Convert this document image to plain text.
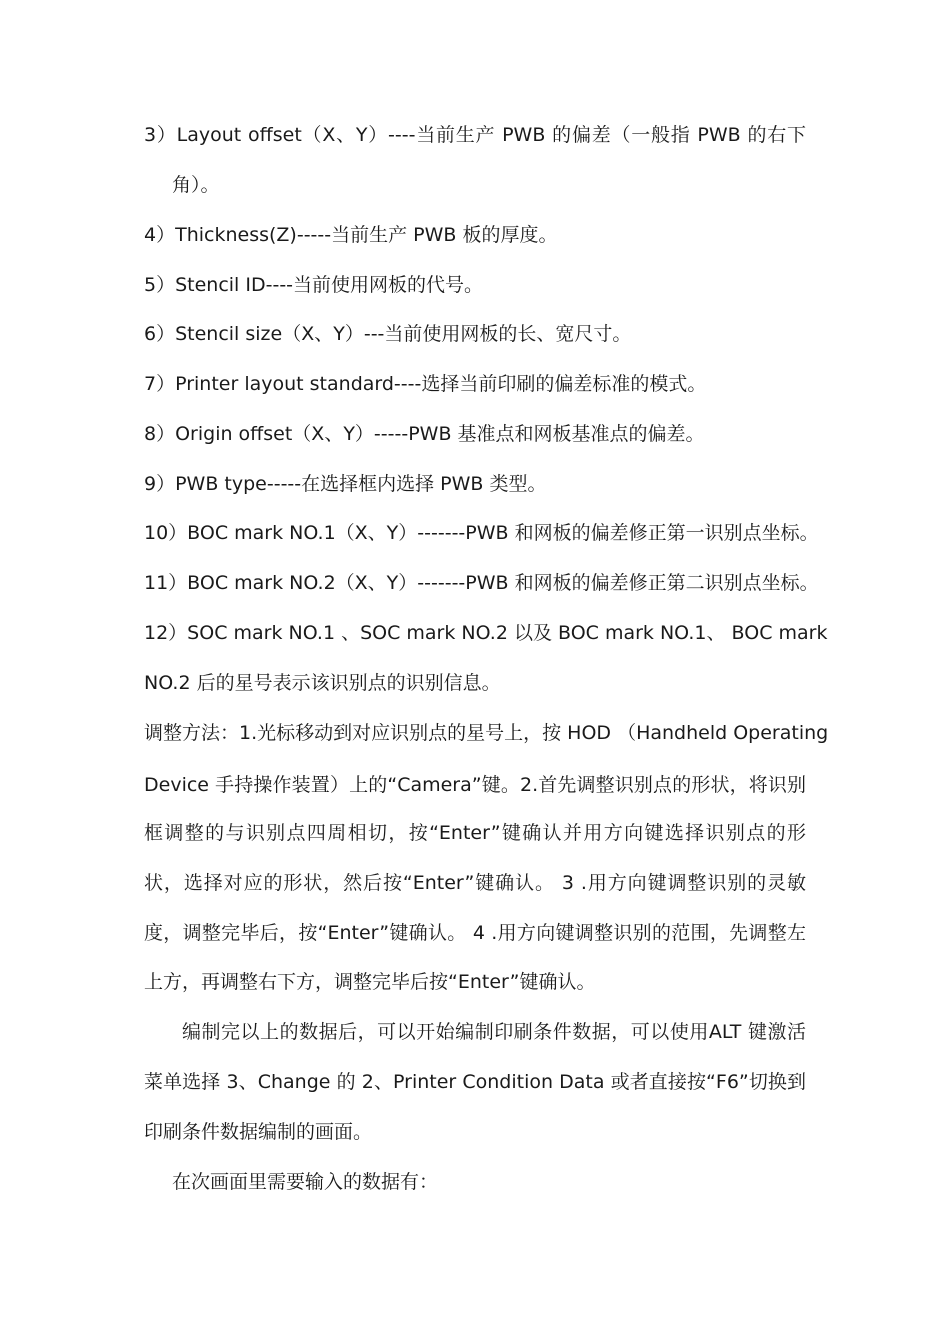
3）Layout offset（X、Y）----当前生产 PWB 的偏差（一般指 PWB 的右下
角）。
4）Thickness(Z)-----当前生产 PWB 板的厚度。
5）Stencil ID----当前使用网板的代号。
6）Stencil size（X、Y）---当前使用网板的长、宽尺寸。
7）Printer layout standard----选择当前印刷的偏差标准的模式。
8）Origin offset（X、Y）-----PWB 基准点和网板基准点的偏差。
9）PWB type-----在选择框内选择 PWB 类型。
10）BOC mark NO.1（X、Y）-------PWB 和网板的偏差修正第一识别点坐标。
11）BOC mark NO.2（X、Y）-------PWB 和网板的偏差修正第二识别点坐标。
12）SOC mark NO.1 、SOC mark NO.2 以及 BOC mark NO.1、 BOC mark
NO.2 后的星号表示该识别点的识别信息。
调整方法：1.光标移动到对应识别点的星号上，按 HOD （Handheld Operating
Device 手持操作装置）上的“Camera”键。2.首先调整识别点的形状，将识别
框调整的与识别点四周相切，按“Enter”键确认并用方向键选择识别点的形
状，选择对应的形状，然后按“Enter”键确认。 3 .用方向键调整识别的灵敏
度，调整完毕后，按“Enter”键确认。 4 .用方向键调整识别的范围，先调整左
上方，再调整右下方，调整完毕后按“Enter”键确认。
编制完以上的数据后，可以开始编制印刷条件数据，可以使用ALT 键激活
菜单选择 3、Change 的 2、Printer Condition Data 或者直接按“F6”切换到
印刷条件数据编制的画面。
在次画面里需要输入的数据有：
